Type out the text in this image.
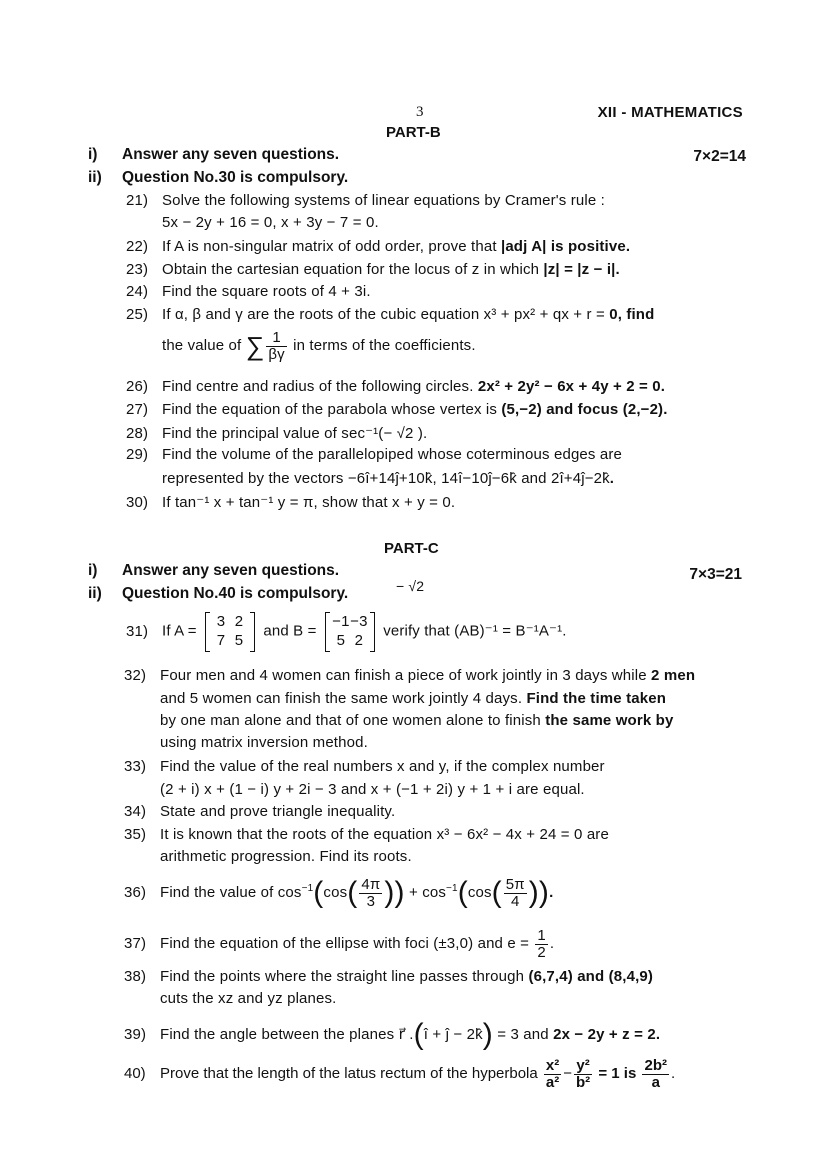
3	XII - MATHEMATICS
PART-B
i) Answer any seven questions.	7×2=14
ii) Question No.30 is compulsory.
21) Solve the following systems of linear equations by Cramer's rule :
5x − 2y + 16 = 0, x + 3y − 7 = 0.
22) If A is non-singular matrix of odd order, prove that |adj A| is positive.
23) Obtain the cartesian equation for the locus of z in which |z| = |z − i|.
24) Find the square roots of 4 + 3i.
25) If α, β and γ are the roots of the cubic equation x³ + px² + qx + r = 0, find
the value of ∑ $\frac{1}{\beta\gamma}$ in terms of the coefficients.
26) Find centre and radius of the following circles. 2x² + 2y² − 6x + 4y + 2 = 0.
27) Find the equation of the parabola whose vertex is (5,−2) and focus (2,−2).
28) Find the principal value of sec⁻¹(− √2 ).
29) Find the volume of the parallelopiped whose coterminous edges are
represented by the vectors −6î+14ĵ+10k̂, 14î−10ĵ−6k̂ and 2î+4ĵ−2k̂.
30) If tan⁻¹ x + tan⁻¹ y = π, show that x + y = 0.
PART-C
i) Answer any seven questions.	7×3=21
ii) Question No.40 is compulsory.	− √2
31) If A =
3 2
7 5
and B =
−1−3
5 2
verify that (AB)⁻¹ = B⁻¹A⁻¹.
32) Four men and 4 women can finish a piece of work jointly in 3 days while 2 men
and 5 women can finish the same work jointly 4 days. Find the time taken
by one man alone and that of one women alone to finish the same work by
using matrix inversion method.
33) Find the value of the real numbers x and y, if the complex number
(2 + i) x + (1 − i) y + 2i − 3 and x + (−1 + 2i) y + 1 + i are equal.
34) State and prove triangle inequality.
35) It is known that the roots of the equation x³ − 6x² − 4x + 24 = 0 are
arithmetic progression. Find its roots.
36) Find the value of $\cos^{-1}(\cos( \frac{4\pi}{3}$ )) + $\cos^{-1}(\cos( \frac{5\pi}{4}$ )).
37) Find the equation of the ellipse with foci (±3,0) and $e = \frac{1}{2}$ .
38) Find the points where the straight line passes through (6,7,4) and (8,4,9)
cuts the xz and yz planes.
39) Find the angle between the planes r⃗ .(î + ĵ − 2k̂) = 3 and 2x − 2y + z = 2.
40) Prove that the length of the latus rectum of the hyperbola $\frac{\text{x²}}{\text{a²}} - \frac{\text{y²}}{\text{b²}} = 1$ is $\frac{\text{2b²}}{a}$ .
